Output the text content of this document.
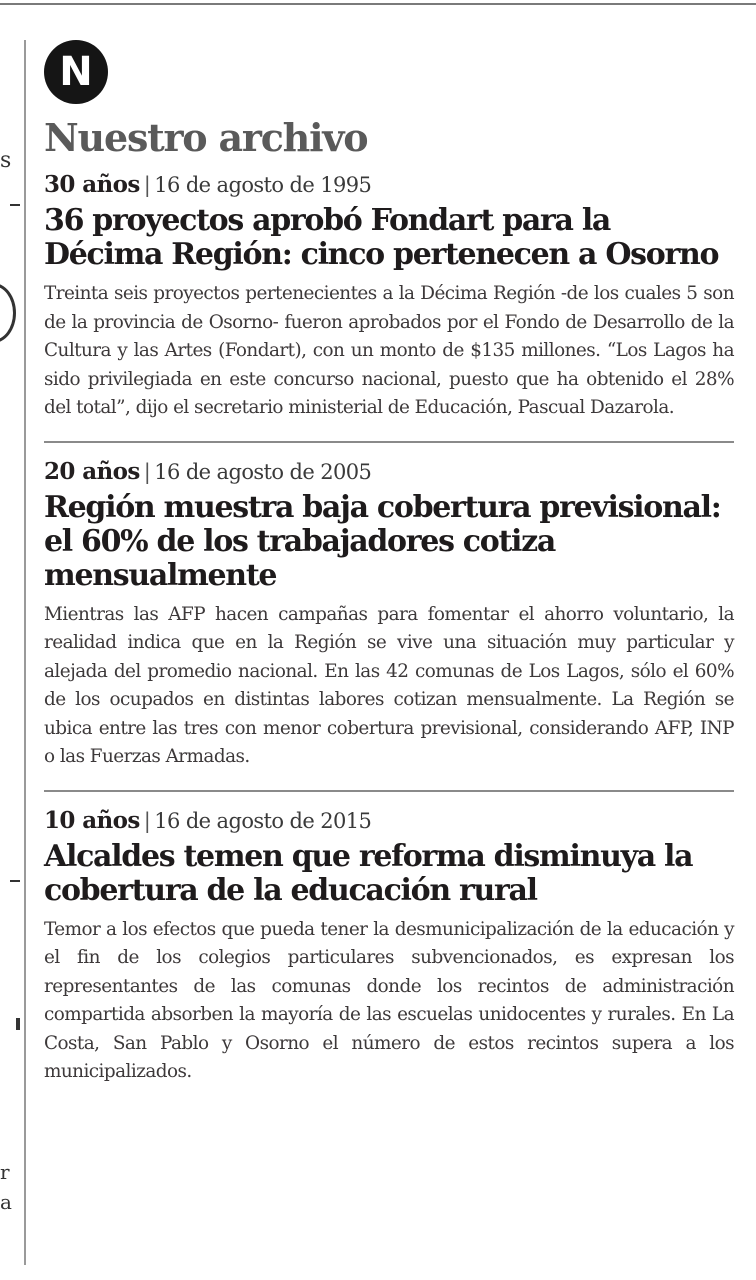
s
r
a
N
Nuestro archivo
30 años | 16 de agosto de 1995
36 proyectos aprobó Fondart para la Décima Región: cinco pertenecen a Osorno

Treinta seis proyectos pertenecientes a la Décima Región -de los cuales 5 son de la provincia de Osorno- fueron aprobados por el Fondo de Desarrollo de la Cultura y las Artes (Fondart), con un monto de $135 millones. “Los Lagos ha sido privilegiada en este concurso nacional, puesto que ha obtenido el 28% del total”, dijo el secretario ministerial de Educación, Pascual Dazarola.

20 años | 16 de agosto de 2005
Región muestra baja cobertura previsional: el 60% de los trabajadores cotiza mensualmente

Mientras las AFP hacen campañas para fomentar el ahorro voluntario, la realidad indica que en la Región se vive una situación muy particular y alejada del promedio nacional. En las 42 comunas de Los Lagos, sólo el 60% de los ocupados en distintas labores cotizan mensualmente. La Región se ubica entre las tres con menor cobertura previsional, considerando AFP, INP o las Fuerzas Armadas.

10 años | 16 de agosto de 2015
Alcaldes temen que reforma disminuya la cobertura de la educación rural

Temor a los efectos que pueda tener la desmunicipalización de la educación y el fin de los colegios particulares subvencionados, es expresan los representantes de las comunas donde los recintos de administración compartida absorben la mayoría de las escuelas unidocentes y rurales. En La Costa, San Pablo y Osorno el número de estos recintos supera a los municipalizados.
